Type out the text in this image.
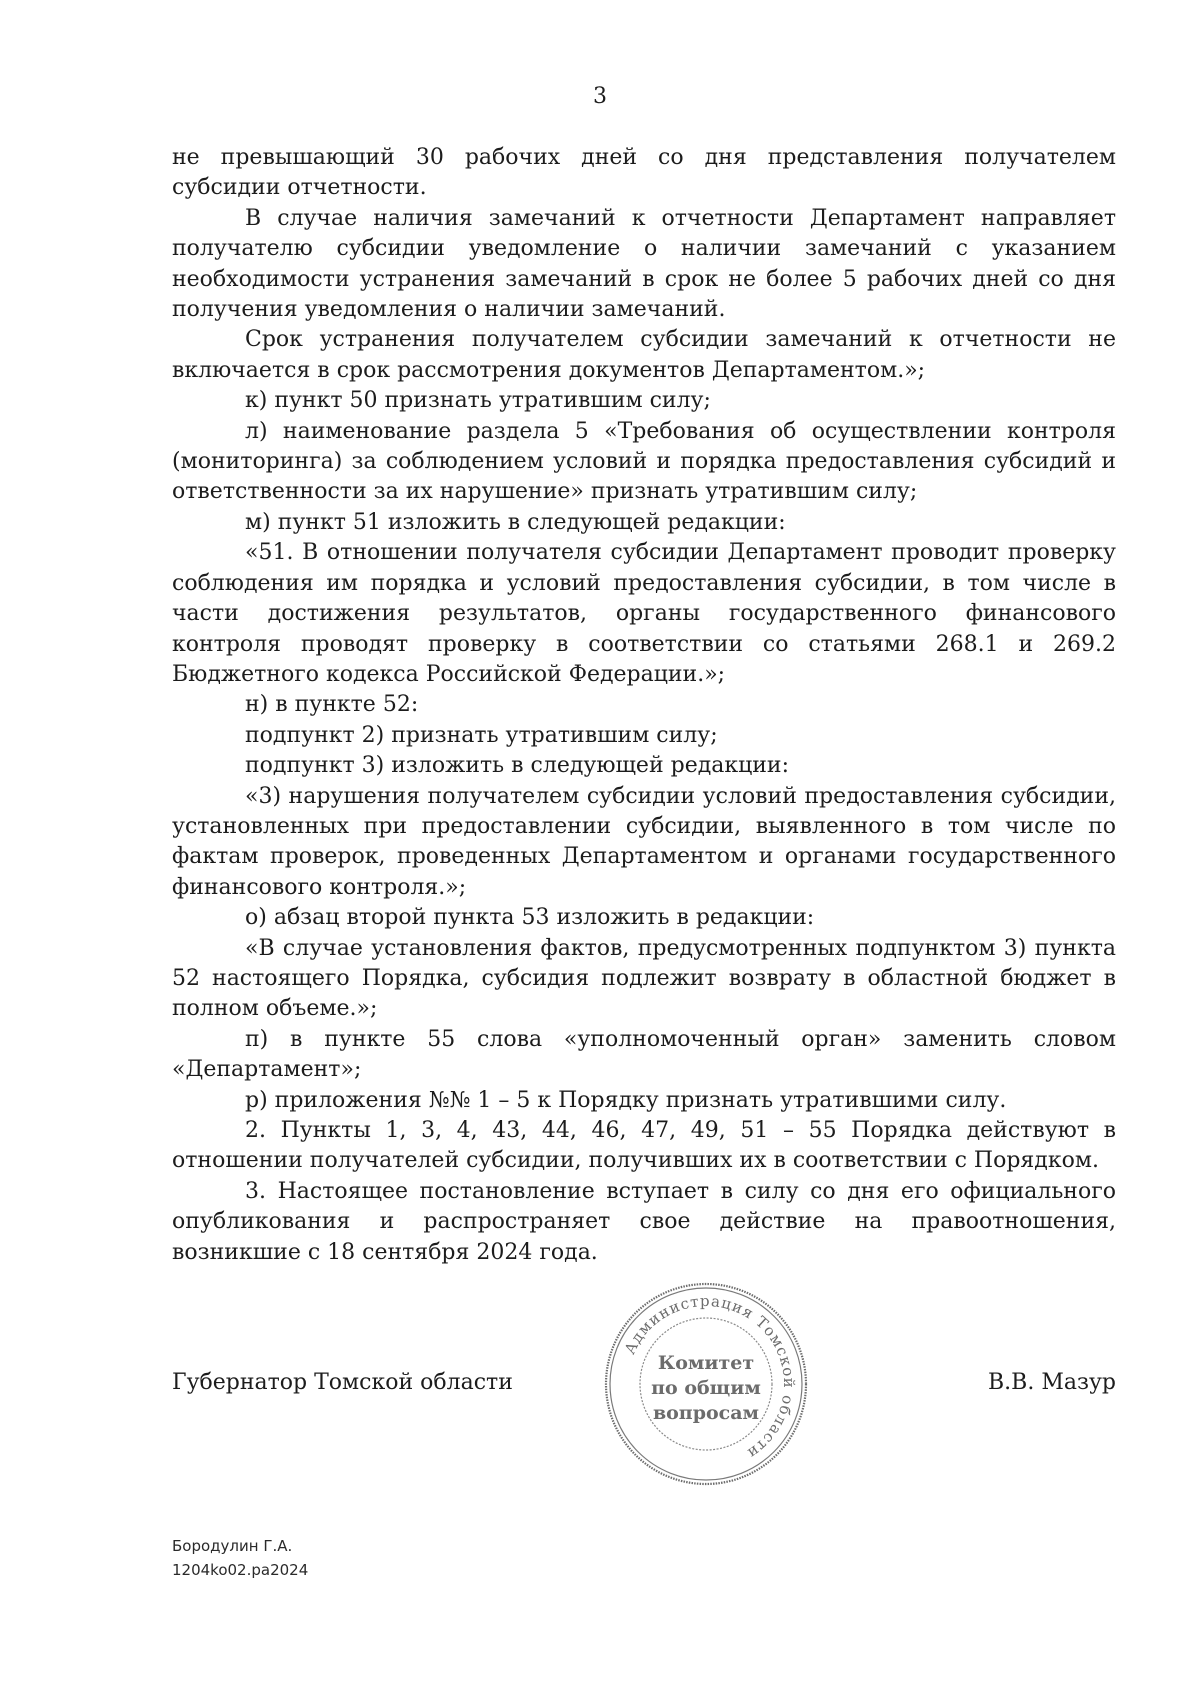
3

не превышающий 30 рабочих дней со дня представления получателем субсидии отчетности.

В случае наличия замечаний к отчетности Департамент направляет получателю субсидии уведомление о наличии замечаний с указанием необходимости устранения замечаний в срок не более 5 рабочих дней со дня получения уведомления о наличии замечаний.

Срок устранения получателем субсидии замечаний к отчетности не включается в срок рассмотрения документов Департаментом.»;

к) пункт 50 признать утратившим силу;

л) наименование раздела 5 «Требования об осуществлении контроля (мониторинга) за соблюдением условий и порядка предоставления субсидий и ответственности за их нарушение» признать утратившим силу;

м) пункт 51 изложить в следующей редакции:

«51. В отношении получателя субсидии Департамент проводит проверку соблюдения им порядка и условий предоставления субсидии, в том числе в части достижения результатов, органы государственного финансового контроля проводят проверку в соответствии со статьями 268.1 и 269.2 Бюджетного кодекса Российской Федерации.»;

н) в пункте 52:

подпункт 2) признать утратившим силу;

подпункт 3) изложить в следующей редакции:

«3) нарушения получателем субсидии условий предоставления субсидии, установленных при предоставлении субсидии, выявленного в том числе по фактам проверок, проведенных Департаментом и органами государственного финансового контроля.»;

о) абзац второй пункта 53 изложить в редакции:

«В случае установления фактов, предусмотренных подпунктом 3) пункта 52 настоящего Порядка, субсидия подлежит возврату в областной бюджет в полном объеме.»;

п) в пункте 55 слова «уполномоченный орган» заменить словом «Департамент»;

р) приложения №№ 1 – 5 к Порядку признать утратившими силу.

2. Пункты 1, 3, 4, 43, 44, 46, 47, 49, 51 – 55 Порядка действуют в отношении получателей субсидии, получивших их в соответствии с Порядком.

3. Настоящее постановление вступает в силу со дня его официального опубликования и распространяет свое действие на правоотношения, возникшие с 18 сентября 2024 года.

Губернатор Томской области	В.В. Мазур
Администрация Томской области
Комитет
по общим
вопросам
Бородулин Г.А.
1204ko02.pa2024
